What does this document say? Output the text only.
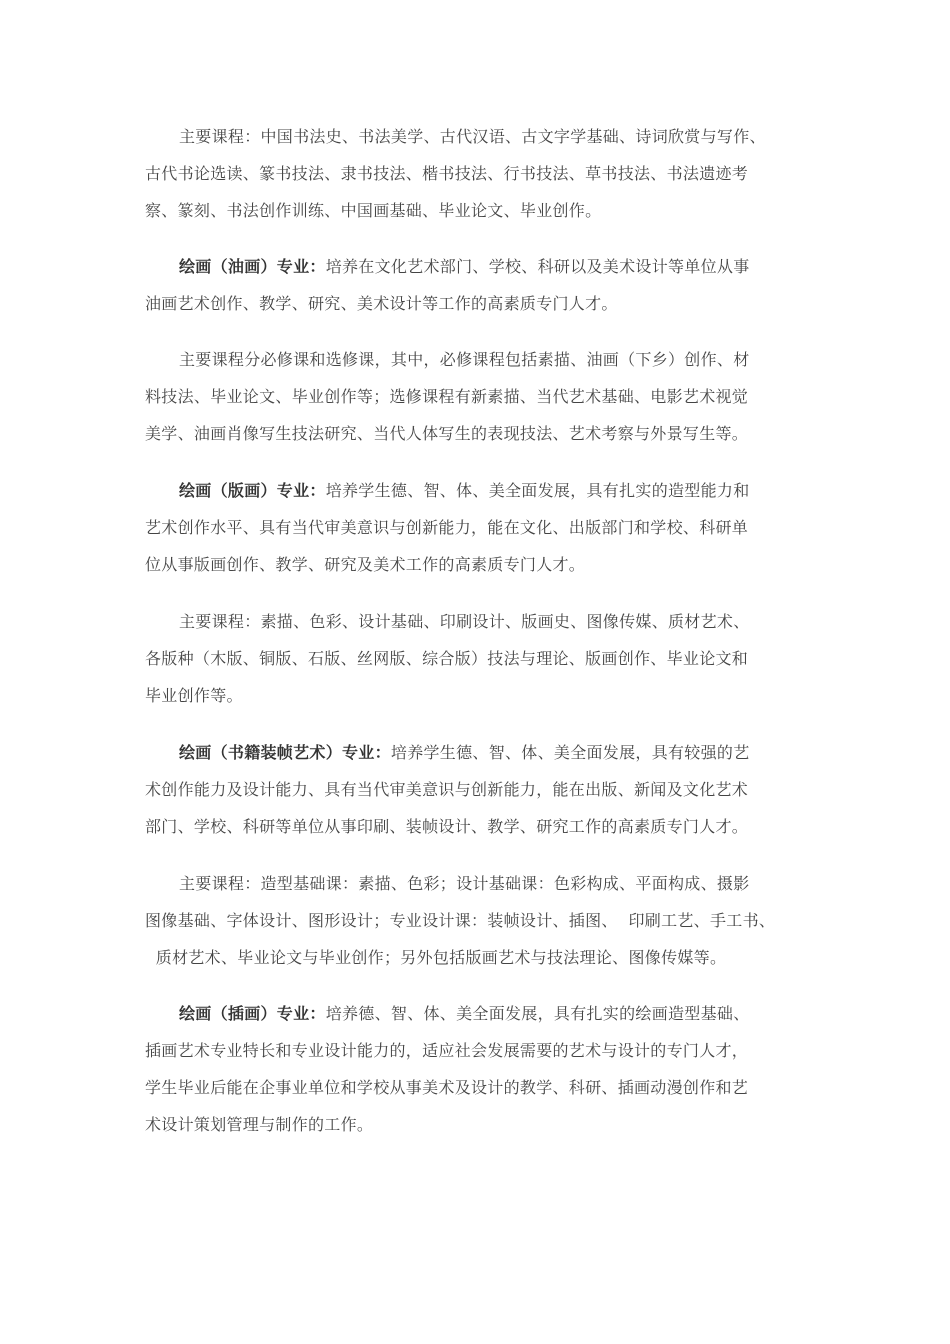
主要课程：中国书法史、书法美学、古代汉语、古文字学基础、诗词欣赏与写作、
古代书论选读、篆书技法、隶书技法、楷书技法、行书技法、草书技法、书法遗迹考
察、篆刻、书法创作训练、中国画基础、毕业论文、毕业创作。
绘画（油画）专业：培养在文化艺术部门、学校、科研以及美术设计等单位从事
油画艺术创作、教学、研究、美术设计等工作的高素质专门人才。
主要课程分必修课和选修课，其中，必修课程包括素描、油画（下乡）创作、材
料技法、毕业论文、毕业创作等；选修课程有新素描、当代艺术基础、电影艺术视觉
美学、油画肖像写生技法研究、当代人体写生的表现技法、艺术考察与外景写生等。
绘画（版画）专业：培养学生德、智、体、美全面发展，具有扎实的造型能力和
艺术创作水平、具有当代审美意识与创新能力，能在文化、出版部门和学校、科研单
位从事版画创作、教学、研究及美术工作的高素质专门人才。
主要课程：素描、色彩、设计基础、印刷设计、版画史、图像传媒、质材艺术、
各版种（木版、铜版、石版、丝网版、综合版）技法与理论、版画创作、毕业论文和
毕业创作等。
绘画（书籍装帧艺术）专业：培养学生德、智、体、美全面发展，具有较强的艺
术创作能力及设计能力、具有当代审美意识与创新能力，能在出版、新闻及文化艺术
部门、学校、科研等单位从事印刷、装帧设计、教学、研究工作的高素质专门人才。
主要课程：造型基础课：素描、色彩；设计基础课：色彩构成、平面构成、摄影
图像基础、字体设计、图形设计；专业设计课：装帧设计、插图、  印刷工艺、手工书、
质材艺术、毕业论文与毕业创作；另外包括版画艺术与技法理论、图像传媒等。
绘画（插画）专业：培养德、智、体、美全面发展，具有扎实的绘画造型基础、
插画艺术专业特长和专业设计能力的，适应社会发展需要的艺术与设计的专门人才，
学生毕业后能在企事业单位和学校从事美术及设计的教学、科研、插画动漫创作和艺
术设计策划管理与制作的工作。
